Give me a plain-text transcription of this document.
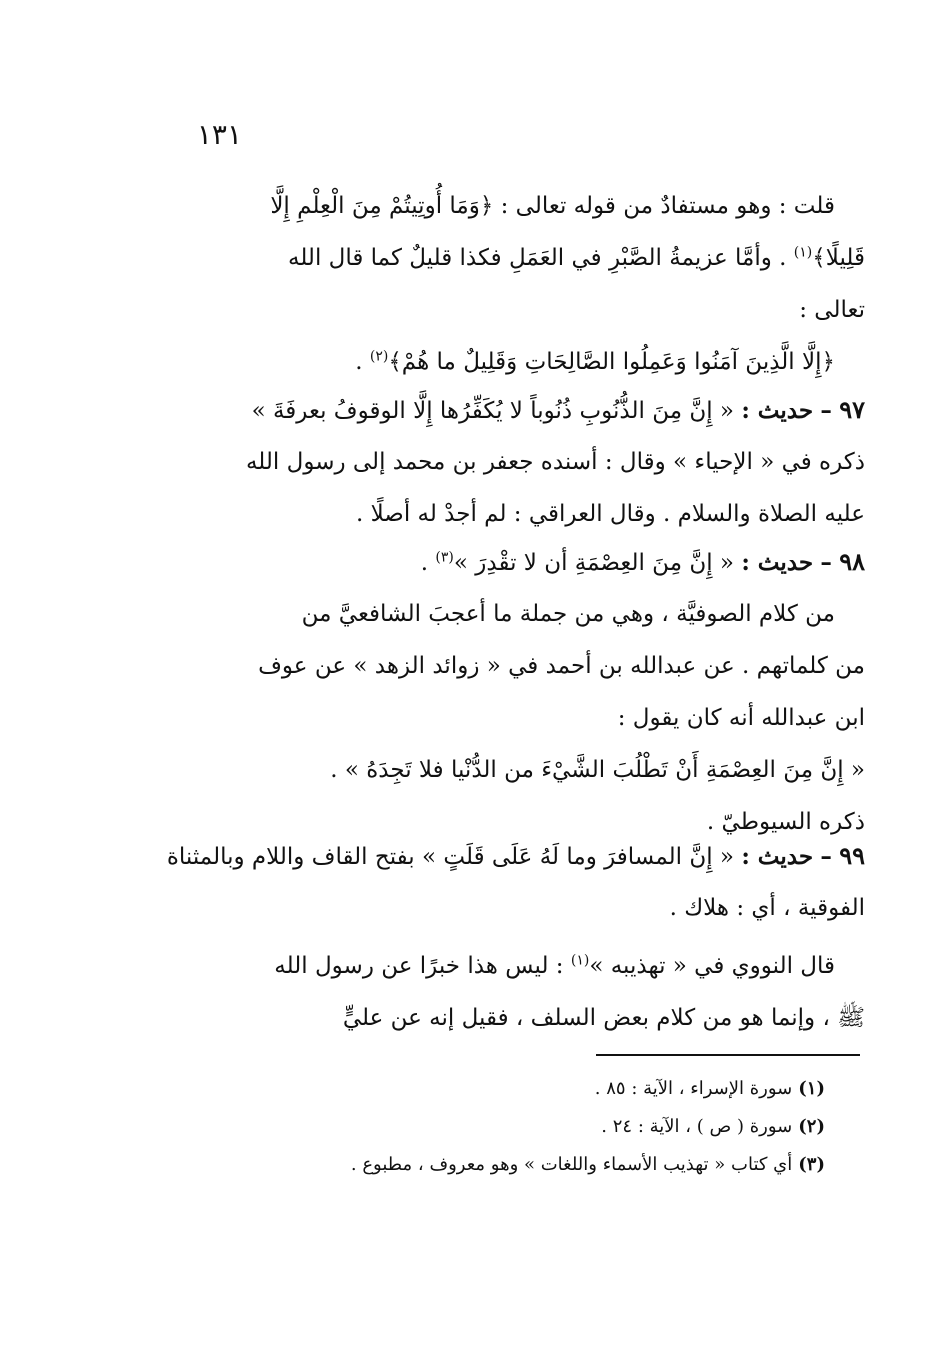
١٣١
قلت : وهو مستفادٌ من قوله تعالى : ﴿وَمَا أُوتِيتُمْ مِنَ الْعِلْمِ إِلَّا
قَلِيلًا﴾$^{(١)}$ . وأمَّا عزيمةُ الصَّبْرِ في العَمَلِ فكذا قليلٌ كما قال الله
تعالى :
﴿إِلَّا الَّذِينَ آمَنُوا وَعَمِلُوا الصَّالِحَاتِ وَقَلِيلٌ ما هُمْ﴾$^{(٢)}$ .
٩٧ – حديث : « إِنَّ مِنَ الذُّنُوبِ ذُنُوباً لا يُكَفِّرُها إِلَّا الوقوفُ بعرفَةَ »
ذكره في « الإحياء » وقال : أسنده جعفر بن محمد إلى رسول الله
عليه الصلاة والسلام . وقال العراقي : لم أجدْ له أصلًا .
٩٨ – حديث : « إِنَّ مِنَ العِصْمَةِ أن لا تقْدِرَ »$^{(٣)}$ .
من كلام الصوفيَّة ، وهي من جملة ما أعجبَ الشافعيَّ من
من كلماتهم . عن عبدالله بن أحمد في « زوائد الزهد » عن عوف
ابن عبدالله أنه كان يقول :
« إِنَّ مِنَ العِصْمَةِ أَنْ تَطْلُبَ الشَّيْءَ من الدُّنْيا فلا تَجِدَهُ » .
ذكره السيوطيّ .
٩٩ – حديث : « إِنَّ المسافرَ وما لَهُ عَلَى قَلَتٍ » بفتح القاف واللام وبالمثناة
الفوقية ، أي : هلاك .
قال النووي في « تهذيبه »$^{(١)}$ : ليس هذا خبرًا عن رسول الله
ﷺ ، وإنما هو من كلام بعض السلف ، فقيل إنه عن عليٍّ
(١)سورة الإسراء ، الآية : ٨٥ .
(٢)سورة ( ص ) ، الآية : ٢٤ .
(٣)أي كتاب « تهذيب الأسماء واللغات » وهو معروف ، مطبوع .
